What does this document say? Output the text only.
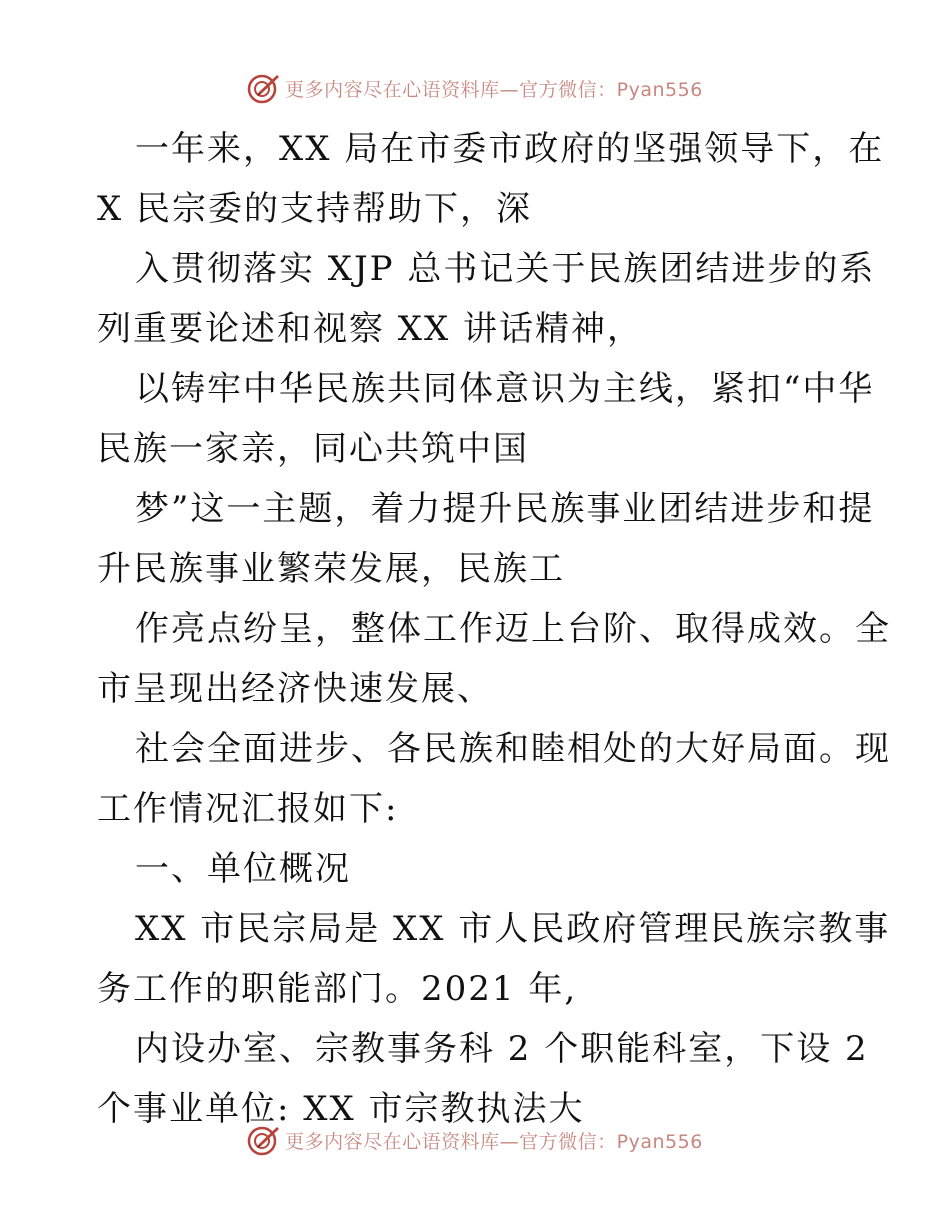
更多内容尽在心语资料库—官方微信：Pyan556
一年来，XX 局在市委市政府的坚强领导下，在
X 民宗委的支持帮助下，深
入贯彻落实 XJP 总书记关于民族团结进步的系
列重要论述和视察 XX 讲话精神，
以铸牢中华民族共同体意识为主线，紧扣“中华
民族一家亲，同心共筑中国
梦”这一主题，着力提升民族事业团结进步和提
升民族事业繁荣发展，民族工
作亮点纷呈，整体工作迈上台阶、取得成效。全
市呈现出经济快速发展、
社会全面进步、各民族和睦相处的大好局面。现
工作情况汇报如下:
一、单位概况
XX 市民宗局是 XX 市人民政府管理民族宗教事
务工作的职能部门。2021 年,
内设办室、宗教事务科 2 个职能科室，下设 2
个事业单位: XX 市宗教执法大
更多内容尽在心语资料库—官方微信：Pyan556
